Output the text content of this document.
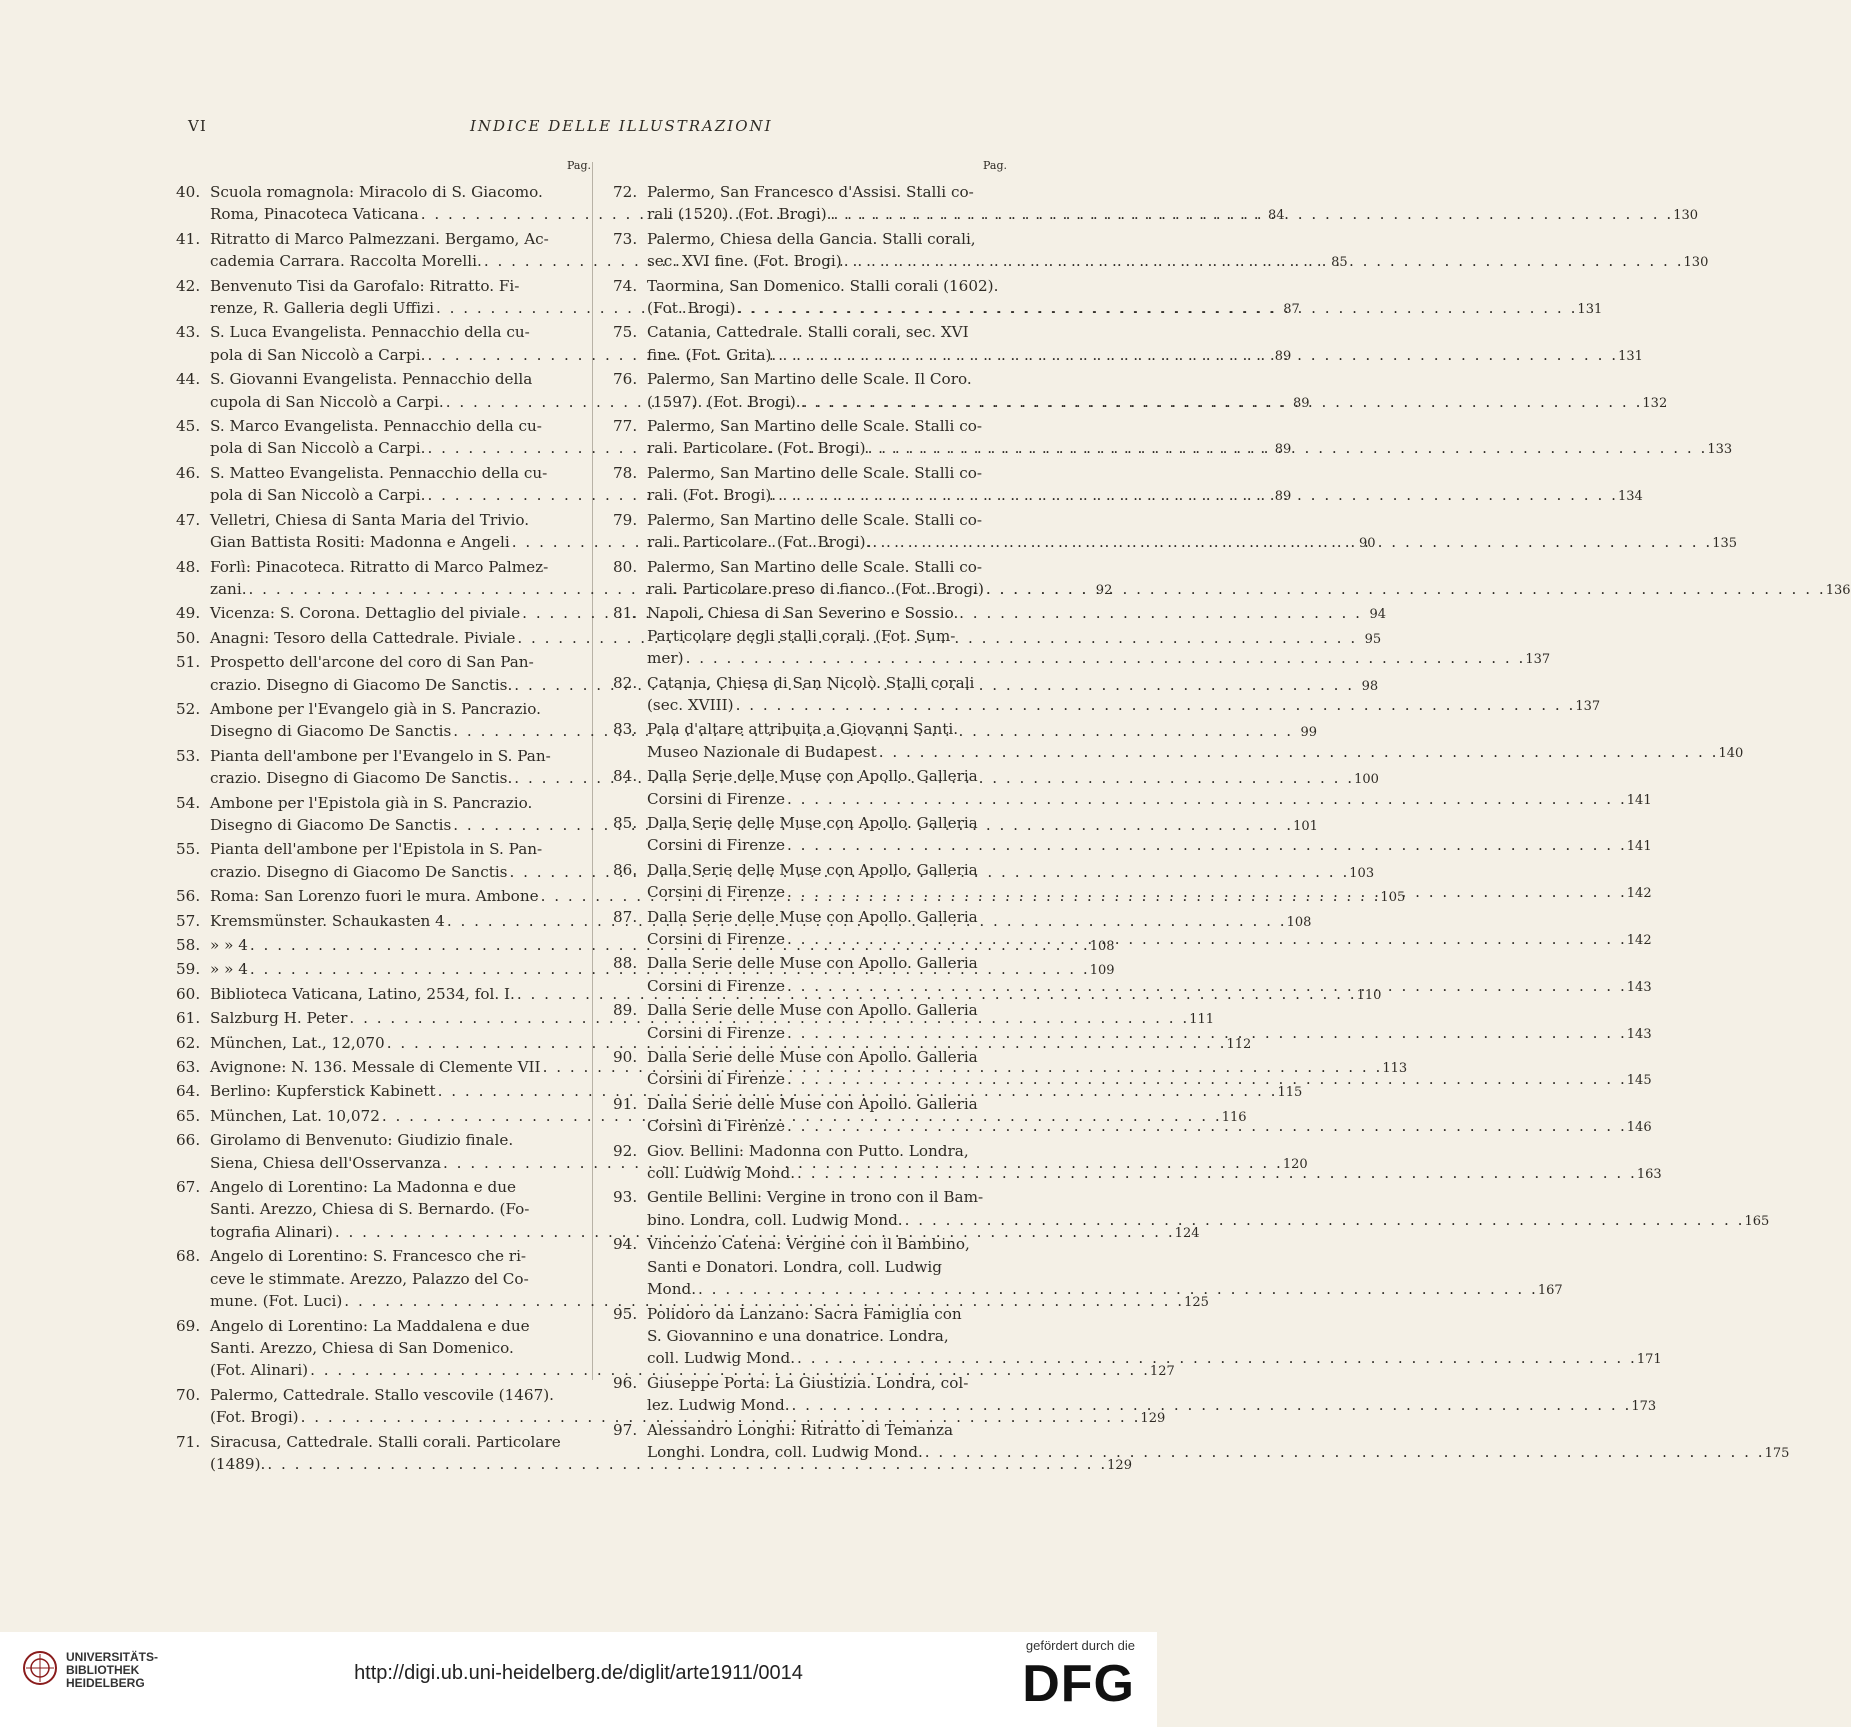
VI	INDICE DELLE ILLUSTRAZIONI
Pag.	Pag.
40. Scuola romagnola: Miracolo di S. Giacomo.
Roma, Pinacoteca Vaticana . . .	84
41. Ritratto di Marco Palmezzani. Bergamo, Ac-
cademia Carrara. Raccolta Morelli. . . .	85
42. Benvenuto Tisi da Garofalo: Ritratto. Fi-
renze, R. Galleria degli Uffizi . . .	87
43. S. Luca Evangelista. Pennacchio della cu-
pola di San Niccolò a Carpi. . . .	89
44. S. Giovanni Evangelista. Pennacchio della
cupola di San Niccolò a Carpi. . . .	89
45. S. Marco Evangelista. Pennacchio della cu-
pola di San Niccolò a Carpi. . . .	89
46. S. Matteo Evangelista. Pennacchio della cu-
pola di San Niccolò a Carpi. . . .	89
47. Velletri, Chiesa di Santa Maria del Trivio.
Gian Battista Rositi: Madonna e Angeli . . .	90
48. Forlì: Pinacoteca. Ritratto di Marco Palmez-
zani. . . .	92
49. Vicenza: S. Corona. Dettaglio del piviale . . .	94
50. Anagni: Tesoro della Cattedrale. Piviale . . .	95
51. Prospetto dell'arcone del coro di San Pan-
crazio. Disegno di Giacomo De Sanctis. . . .	98
52. Ambone per l'Evangelo già in S. Pancrazio.
Disegno di Giacomo De Sanctis . . .	99
53. Pianta dell'ambone per l'Evangelo in S. Pan-
crazio. Disegno di Giacomo De Sanctis. . . .	100
54. Ambone per l'Epistola già in S. Pancrazio.
Disegno di Giacomo De Sanctis . . .	101
55. Pianta dell'ambone per l'Epistola in S. Pan-
crazio. Disegno di Giacomo De Sanctis . . .	103
56. Roma: San Lorenzo fuori le mura. Ambone . . .	105
57. Kremsmünster. Schaukasten 4 . . .	108
58. » » 4 . . .	108
59. » » 4 . . .	109
60. Biblioteca Vaticana, Latino, 2534, fol. I. . . .	110
61. Salzburg H. Peter . . .	111
62. München, Lat., 12,070 . . .	112
63. Avignone: N. 136. Messale di Clemente VII . . .	113
64. Berlino: Kupferstick Kabinett . . .	115
65. München, Lat. 10,072 . . .	116
66. Girolamo di Benvenuto: Giudizio finale.
Siena, Chiesa dell'Osservanza . . .	120
67. Angelo di Lorentino: La Madonna e due
Santi. Arezzo, Chiesa di S. Bernardo. (Fo-
tografia Alinari) . . .	124
68. Angelo di Lorentino: S. Francesco che ri-
ceve le stimmate. Arezzo, Palazzo del Co-
mune. (Fot. Luci) . . .	125
69. Angelo di Lorentino: La Maddalena e due
Santi. Arezzo, Chiesa di San Domenico.
(Fot. Alinari) . . .	127
70. Palermo, Cattedrale. Stallo vescovile (1467).
(Fot. Brogi) . . .	129
71. Siracusa, Cattedrale. Stalli corali. Particolare
(1489). . . .	129
72. Palermo, San Francesco d'Assisi. Stalli co-
rali (1520). (Fot. Brogi). . . .	130
73. Palermo, Chiesa della Gancia. Stalli corali,
sec. XVI fine. (Fot. Brogi) . . .	130
74. Taormina, San Domenico. Stalli corali (1602).
(Fot. Brogi) . . .	131
75. Catania, Cattedrale. Stalli corali, sec. XVI
fine. (Fot. Grita). . . .	131
76. Palermo, San Martino delle Scale. Il Coro.
(1597). (Fot. Brogi). . . .	132
77. Palermo, San Martino delle Scale. Stalli co-
rali. Particolare. (Fot. Brogi) . . .	133
78. Palermo, San Martino delle Scale. Stalli co-
rali. (Fot. Brogi). . . .	134
79. Palermo, San Martino delle Scale. Stalli co-
rali. Particolare. (Fot. Brogi). . . .	135
80. Palermo, San Martino delle Scale. Stalli co-
rali. Particolare preso di fianco. (Fot. Brogi) . . .	136
81. Napoli, Chiesa di San Severino e Sossio.
Particolare degli stalli corali. (Fot. Sum-
mer) . . .	137
82. Catania, Chiesa di San Nicolò. Stalli corali
(sec. XVIII) . . .	137
83. Pala d'altare attribuita a Giovanni Santi.
Museo Nazionale di Budapest . . .	140
84. Dalla Serie delle Muse con Apollo. Galleria
Corsini di Firenze . . .	141
85. Dalla Serie delle Muse con Apollo. Galleria
Corsini di Firenze . . .	141
86. Dalla Serie delle Muse con Apollo. Galleria
Corsini di Firenze . . .	142
87. Dalla Serie delle Muse con Apollo. Galleria
Corsini di Firenze . . .	142
88. Dalla Serie delle Muse con Apollo. Galleria
Corsini di Firenze . . .	143
89. Dalla Serie delle Muse con Apollo. Galleria
Corsini di Firenze . . .	143
90. Dalla Serie delle Muse con Apollo. Galleria
Corsini di Firenze . . .	145
91. Dalla Serie delle Muse con Apollo. Galleria
Corsini di Firenze . . .	146
92. Giov. Bellini: Madonna con Putto. Londra,
coll. Ludwig Mond. . . .	163
93. Gentile Bellini: Vergine in trono con il Bam-
bino. Londra, coll. Ludwig Mond. . . .	165
94. Vincenzo Catena: Vergine con il Bambino,
Santi e Donatori. Londra, coll. Ludwig
Mond. . . .	167
95. Polidoro da Lanzano: Sacra Famiglia con
S. Giovannino e una donatrice. Londra,
coll. Ludwig Mond. . . .	171
96. Giuseppe Porta: La Giustizia. Londra, col-
lez. Ludwig Mond. . . .	173
97. Alessandro Longhi: Ritratto di Temanza
Longhi. Londra, coll. Ludwig Mond. . . .	175
UNIVERSITÄTS-
BIBLIOTHEK
HEIDELBERG	http://digi.ub.uni-heidelberg.de/diglit/arte1911/0014
gefördert durch die
DFG
